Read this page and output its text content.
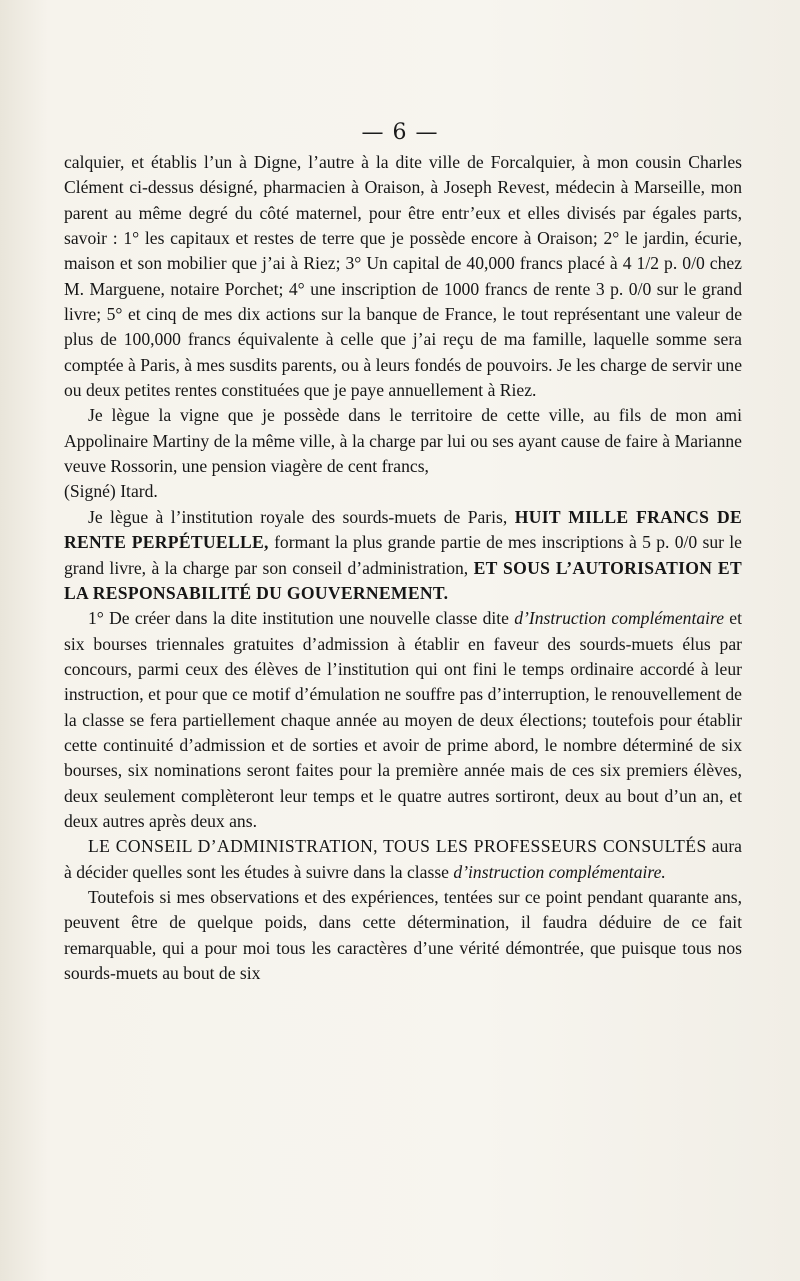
— 6 —

calquier, et établis l’un à Digne, l’autre à la dite ville de Forcalquier, à mon cousin Charles Clément ci-dessus désigné, pharmacien à Oraison, à Joseph Revest, médecin à Marseille, mon parent au même degré du côté maternel, pour être entr’eux et elles divisés par égales parts, savoir : 1° les capitaux et restes de terre que je possède encore à Oraison; 2° le jardin, écurie, maison et son mobilier que j’ai à Riez; 3° Un capital de 40,000 francs placé à 4 1/2 p. 0/0 chez M. Marguene, notaire Porchet; 4° une inscription de 1000 francs de rente 3 p. 0/0 sur le grand livre; 5° et cinq de mes dix actions sur la banque de France, le tout représentant une valeur de plus de 100,000 francs équivalente à celle que j’ai reçu de ma famille, laquelle somme sera comptée à Paris, à mes susdits parents, ou à leurs fondés de pouvoirs. Je les charge de servir une ou deux petites rentes constituées que je paye annuellement à Riez.

Je lègue la vigne que je possède dans le territoire de cette ville, au fils de mon ami Appolinaire Martiny de la même ville, à la charge par lui ou ses ayant cause de faire à Marianne veuve Rossorin, une pension viagère de cent francs,
(Signé) Itard.

Je lègue à l’institution royale des sourds-muets de Paris, HUIT MILLE FRANCS DE RENTE PERPÉTUELLE, formant la plus grande partie de mes inscriptions à 5 p. 0/0 sur le grand livre, à la charge par son conseil d’administration, ET SOUS L’AUTORISATION ET LA RESPONSABILITÉ DU GOUVERNEMENT.

1° De créer dans la dite institution une nouvelle classe dite d’Instruction complémentaire et six bourses triennales gratuites d’admission à établir en faveur des sourds-muets élus par concours, parmi ceux des élèves de l’institution qui ont fini le temps ordinaire accordé à leur instruction, et pour que ce motif d’émulation ne souffre pas d’interruption, le renouvellement de la classe se fera partiellement chaque année au moyen de deux élections; toutefois pour établir cette continuité d’admission et de sorties et avoir de prime abord, le nombre déterminé de six bourses, six nominations seront faites pour la première année mais de ces six premiers élèves, deux seulement complèteront leur temps et le quatre autres sortiront, deux au bout d’un an, et deux autres après deux ans.

LE CONSEIL D’ADMINISTRATION, TOUS LES PROFESSEURS CONSULTÉS aura à décider quelles sont les études à suivre dans la classe d’instruction complémentaire.

Toutefois si mes observations et des expériences, tentées sur ce point pendant quarante ans, peuvent être de quelque poids, dans cette détermination, il faudra déduire de ce fait remarquable, qui a pour moi tous les caractères d’une vérité démontrée, que puisque tous nos sourds-muets au bout de six
